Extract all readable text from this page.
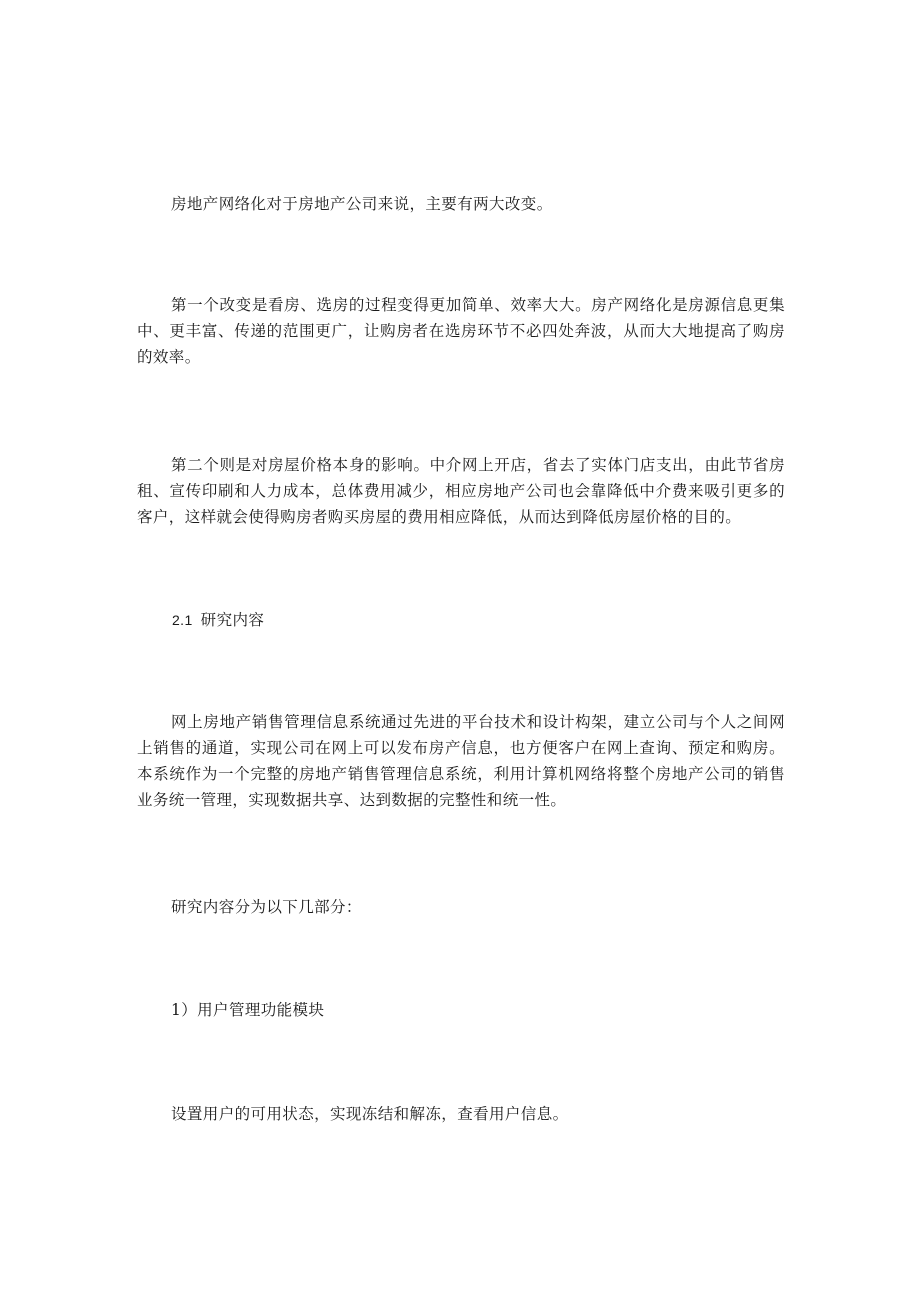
房地产网络化对于房地产公司来说，主要有两大改变。

第一个改变是看房、选房的过程变得更加简单、效率大大。房产网络化是房源信息更集中、更丰富、传递的范围更广，让购房者在选房环节不必四处奔波，从而大大地提高了购房的效率。

第二个则是对房屋价格本身的影响。中介网上开店，省去了实体门店支出，由此节省房租、宣传印刷和人力成本，总体费用减少，相应房地产公司也会靠降低中介费来吸引更多的客户，这样就会使得购房者购买房屋的费用相应降低，从而达到降低房屋价格的目的。

2.1 研究内容

网上房地产销售管理信息系统通过先进的平台技术和设计构架，建立公司与个人之间网上销售的通道，实现公司在网上可以发布房产信息，也方便客户在网上查询、预定和购房。本系统作为一个完整的房地产销售管理信息系统，利用计算机网络将整个房地产公司的销售业务统一管理，实现数据共享、达到数据的完整性和统一性。

研究内容分为以下几部分：

1）用户管理功能模块

设置用户的可用状态，实现冻结和解冻，查看用户信息。
